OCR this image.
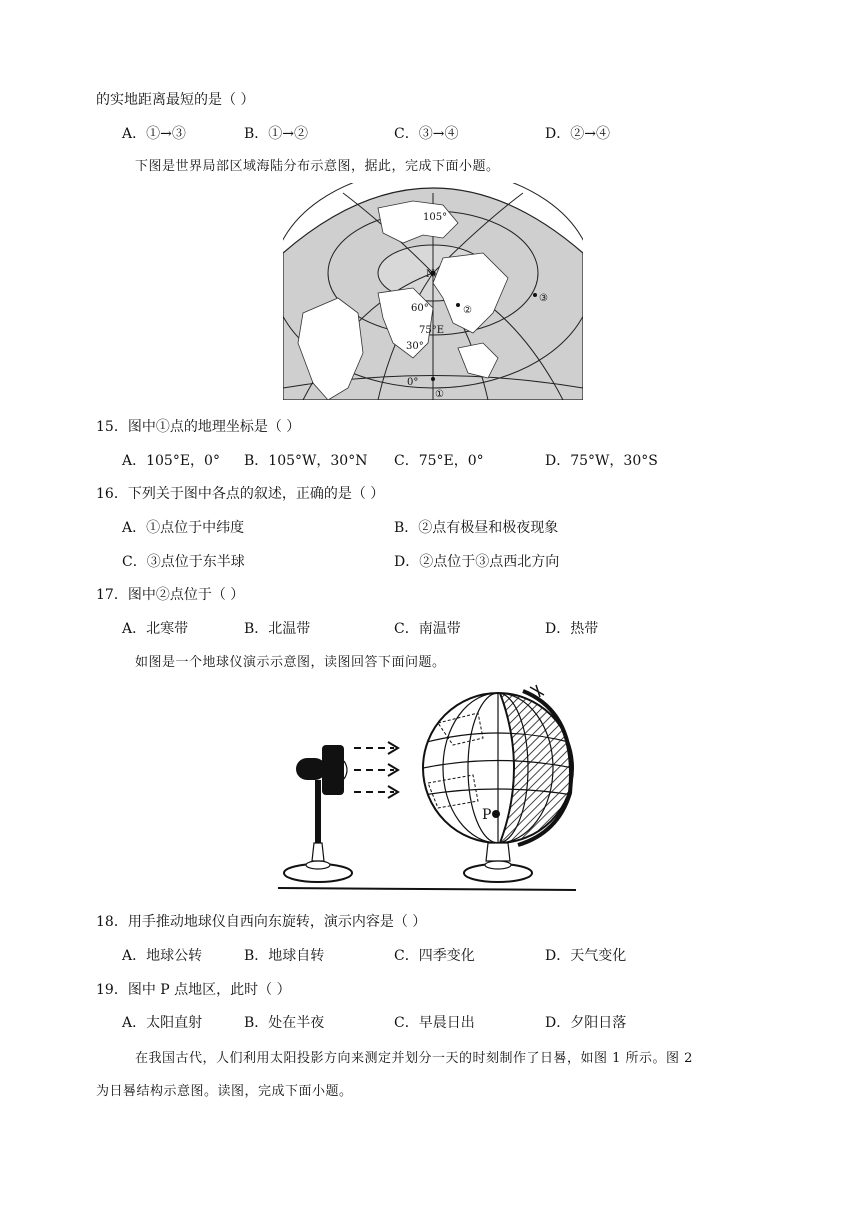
的实地距离最短的是（ ）
A．①→③	B．①→②	C．③→④	D．②→④
下图是世界局部区域海陆分布示意图，据此，完成下面小题。
105°
N
60°
75°E
30°
0°
①
②
③
15．图中①点的地理坐标是（ ）
A．105°E，0° B．105°W，30°N C．75°E，0°	D．75°W，30°S
16．下列关于图中各点的叙述，正确的是（ ）
A．①点位于中纬度	B．②点有极昼和极夜现象
C．③点位于东半球	D．②点位于③点西北方向
17．图中②点位于（ ）
A．北寒带	B．北温带	C．南温带	D．热带
如图是一个地球仪演示示意图，读图回答下面问题。
P
18．用手推动地球仪自西向东旋转，演示内容是（ ）
A．地球公转	B．地球自转	C．四季变化	D．天气变化
19．图中 P 点地区，此时（ ）
A．太阳直射	B．处在半夜	C．早晨日出	D．夕阳日落
在我国古代，人们利用太阳投影方向来测定并划分一天的时刻制作了日晷，如图 1 所示。图 2
为日晷结构示意图。读图，完成下面小题。
